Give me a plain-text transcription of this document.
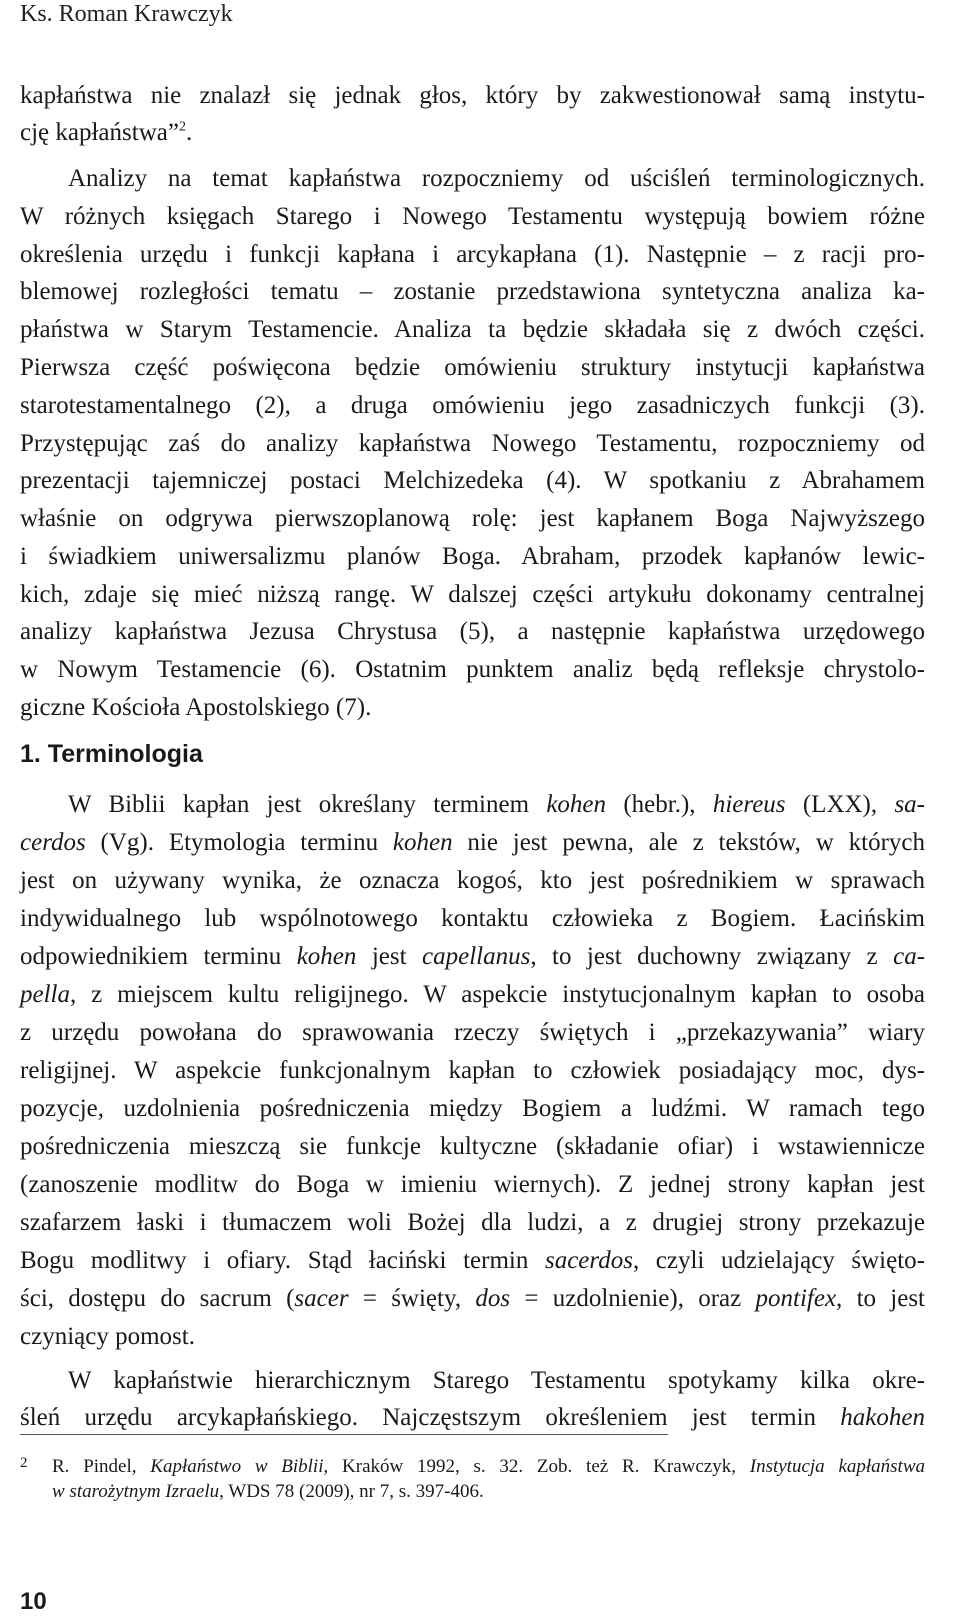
Ks. Roman Krawczyk
kapłaństwa nie znalazł się jednak głos, który by zakwestionował samą instytu-
cję kapłaństwa”$^2$.
Analizy na temat kapłaństwa rozpoczniemy od uściśleń terminologicznych.
W różnych księgach Starego i Nowego Testamentu występują bowiem różne
określenia urzędu i funkcji kapłana i arcykapłana (1). Następnie – z racji pro-
blemowej rozległości tematu – zostanie przedstawiona syntetyczna analiza ka-
płaństwa w Starym Testamencie. Analiza ta będzie składała się z dwóch części.
Pierwsza część poświęcona będzie omówieniu struktury instytucji kapłaństwa
starotestamentalnego (2), a druga omówieniu jego zasadniczych funkcji (3).
Przystępując zaś do analizy kapłaństwa Nowego Testamentu, rozpoczniemy od
prezentacji tajemniczej postaci Melchizedeka (4). W spotkaniu z Abrahamem
właśnie on odgrywa pierwszoplanową rolę: jest kapłanem Boga Najwyższego
i świadkiem uniwersalizmu planów Boga. Abraham, przodek kapłanów lewic-
kich, zdaje się mieć niższą rangę. W dalszej części artykułu dokonamy centralnej
analizy kapłaństwa Jezusa Chrystusa (5), a następnie kapłaństwa urzędowego
w Nowym Testamencie (6). Ostatnim punktem analiz będą refleksje chrystolo-
giczne Kościoła Apostolskiego (7).
1. Terminologia
W Biblii kapłan jest określany terminem kohen (hebr.), hiereus (LXX), sa-
cerdos (Vg). Etymologia terminu kohen nie jest pewna, ale z tekstów, w których
jest on używany wynika, że oznacza kogoś, kto jest pośrednikiem w sprawach
indywidualnego lub wspólnotowego kontaktu człowieka z Bogiem. Łacińskim
odpowiednikiem terminu kohen jest capellanus, to jest duchowny związany z ca-
pella, z miejscem kultu religijnego. W aspekcie instytucjonalnym kapłan to osoba
z urzędu powołana do sprawowania rzeczy świętych i „przekazywania” wiary
religijnej. W aspekcie funkcjonalnym kapłan to człowiek posiadający moc, dys-
pozycje, uzdolnienia pośredniczenia między Bogiem a ludźmi. W ramach tego
pośredniczenia mieszczą sie funkcje kultyczne (składanie ofiar) i wstawiennicze
(zanoszenie modlitw do Boga w imieniu wiernych). Z jednej strony kapłan jest
szafarzem łaski i tłumaczem woli Bożej dla ludzi, a z drugiej strony przekazuje
Bogu modlitwy i ofiary. Stąd łaciński termin sacerdos, czyli udzielający święto-
ści, dostępu do sacrum (sacer = święty, dos = uzdolnienie), oraz pontifex, to jest
czyniący pomost.
W kapłaństwie hierarchicznym Starego Testamentu spotykamy kilka okre-
śleń urzędu arcykapłańskiego. Najczęstszym określeniem jest termin hakohen
2 R. Pindel, Kapłaństwo w Biblii, Kraków 1992, s. 32. Zob. też R. Krawczyk, Instytucja kapłaństwa
w starożytnym Izraelu, WDS 78 (2009), nr 7, s. 397-406.
10
